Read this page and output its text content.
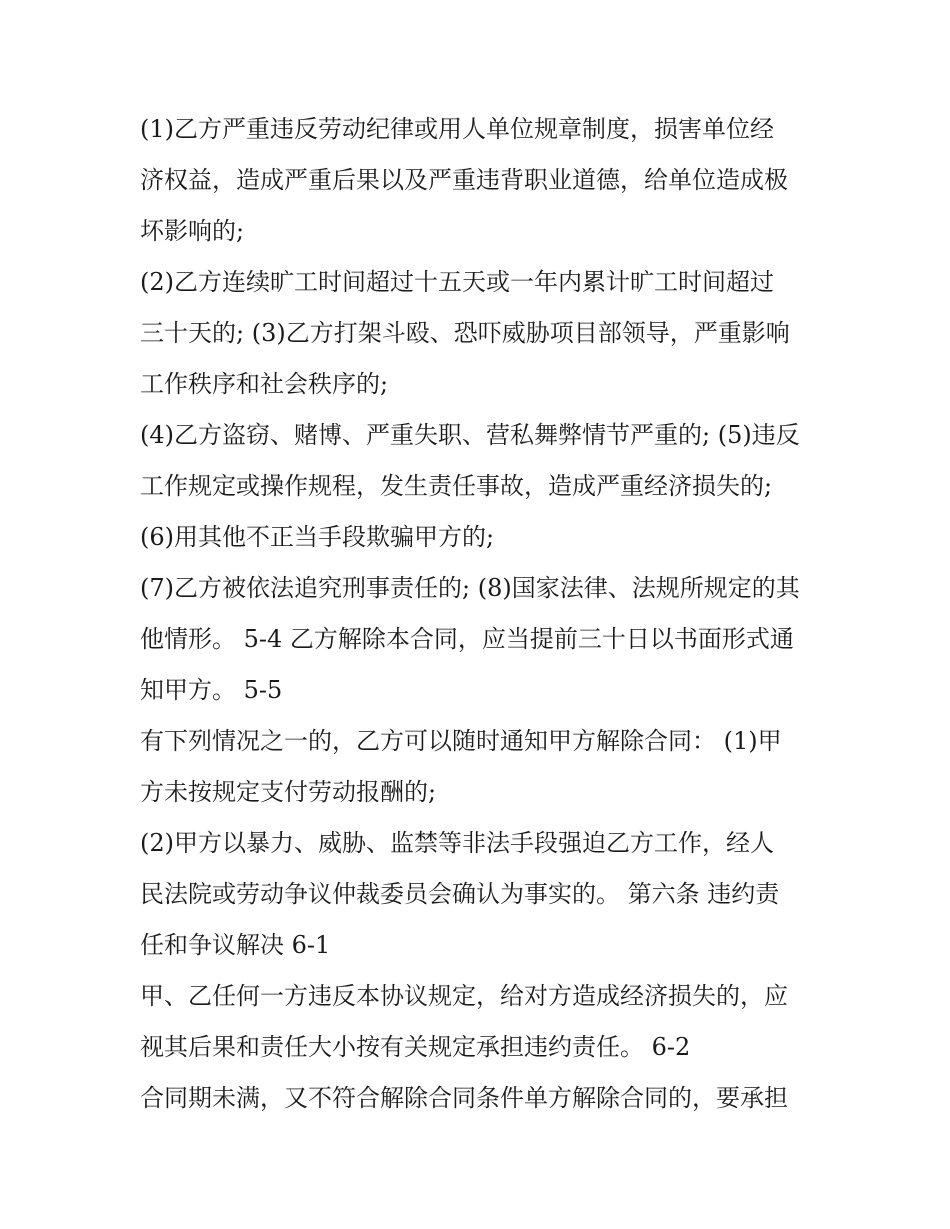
(1)乙方严重违反劳动纪律或用人单位规章制度，损害单位经
济权益，造成严重后果以及严重违背职业道德，给单位造成极
坏影响的;
(2)乙方连续旷工时间超过十五天或一年内累计旷工时间超过
三十天的; (3)乙方打架斗殴、恐吓威胁项目部领导，严重影响
工作秩序和社会秩序的;
(4)乙方盗窃、赌博、严重失职、营私舞弊情节严重的; (5)违反
工作规定或操作规程，发生责任事故，造成严重经济损失的;
(6)用其他不正当手段欺骗甲方的;
(7)乙方被依法追究刑事责任的; (8)国家法律、法规所规定的其
他情形。 5-4 乙方解除本合同，应当提前三十日以书面形式通
知甲方。 5-5
有下列情况之一的，乙方可以随时通知甲方解除合同： (1)甲
方未按规定支付劳动报酬的;
(2)甲方以暴力、威胁、监禁等非法手段强迫乙方工作，经人
民法院或劳动争议仲裁委员会确认为事实的。 第六条 违约责
任和争议解决 6-1
甲、乙任何一方违反本协议规定，给对方造成经济损失的，应
视其后果和责任大小按有关规定承担违约责任。 6-2
合同期未满，又不符合解除合同条件单方解除合同的，要承担
